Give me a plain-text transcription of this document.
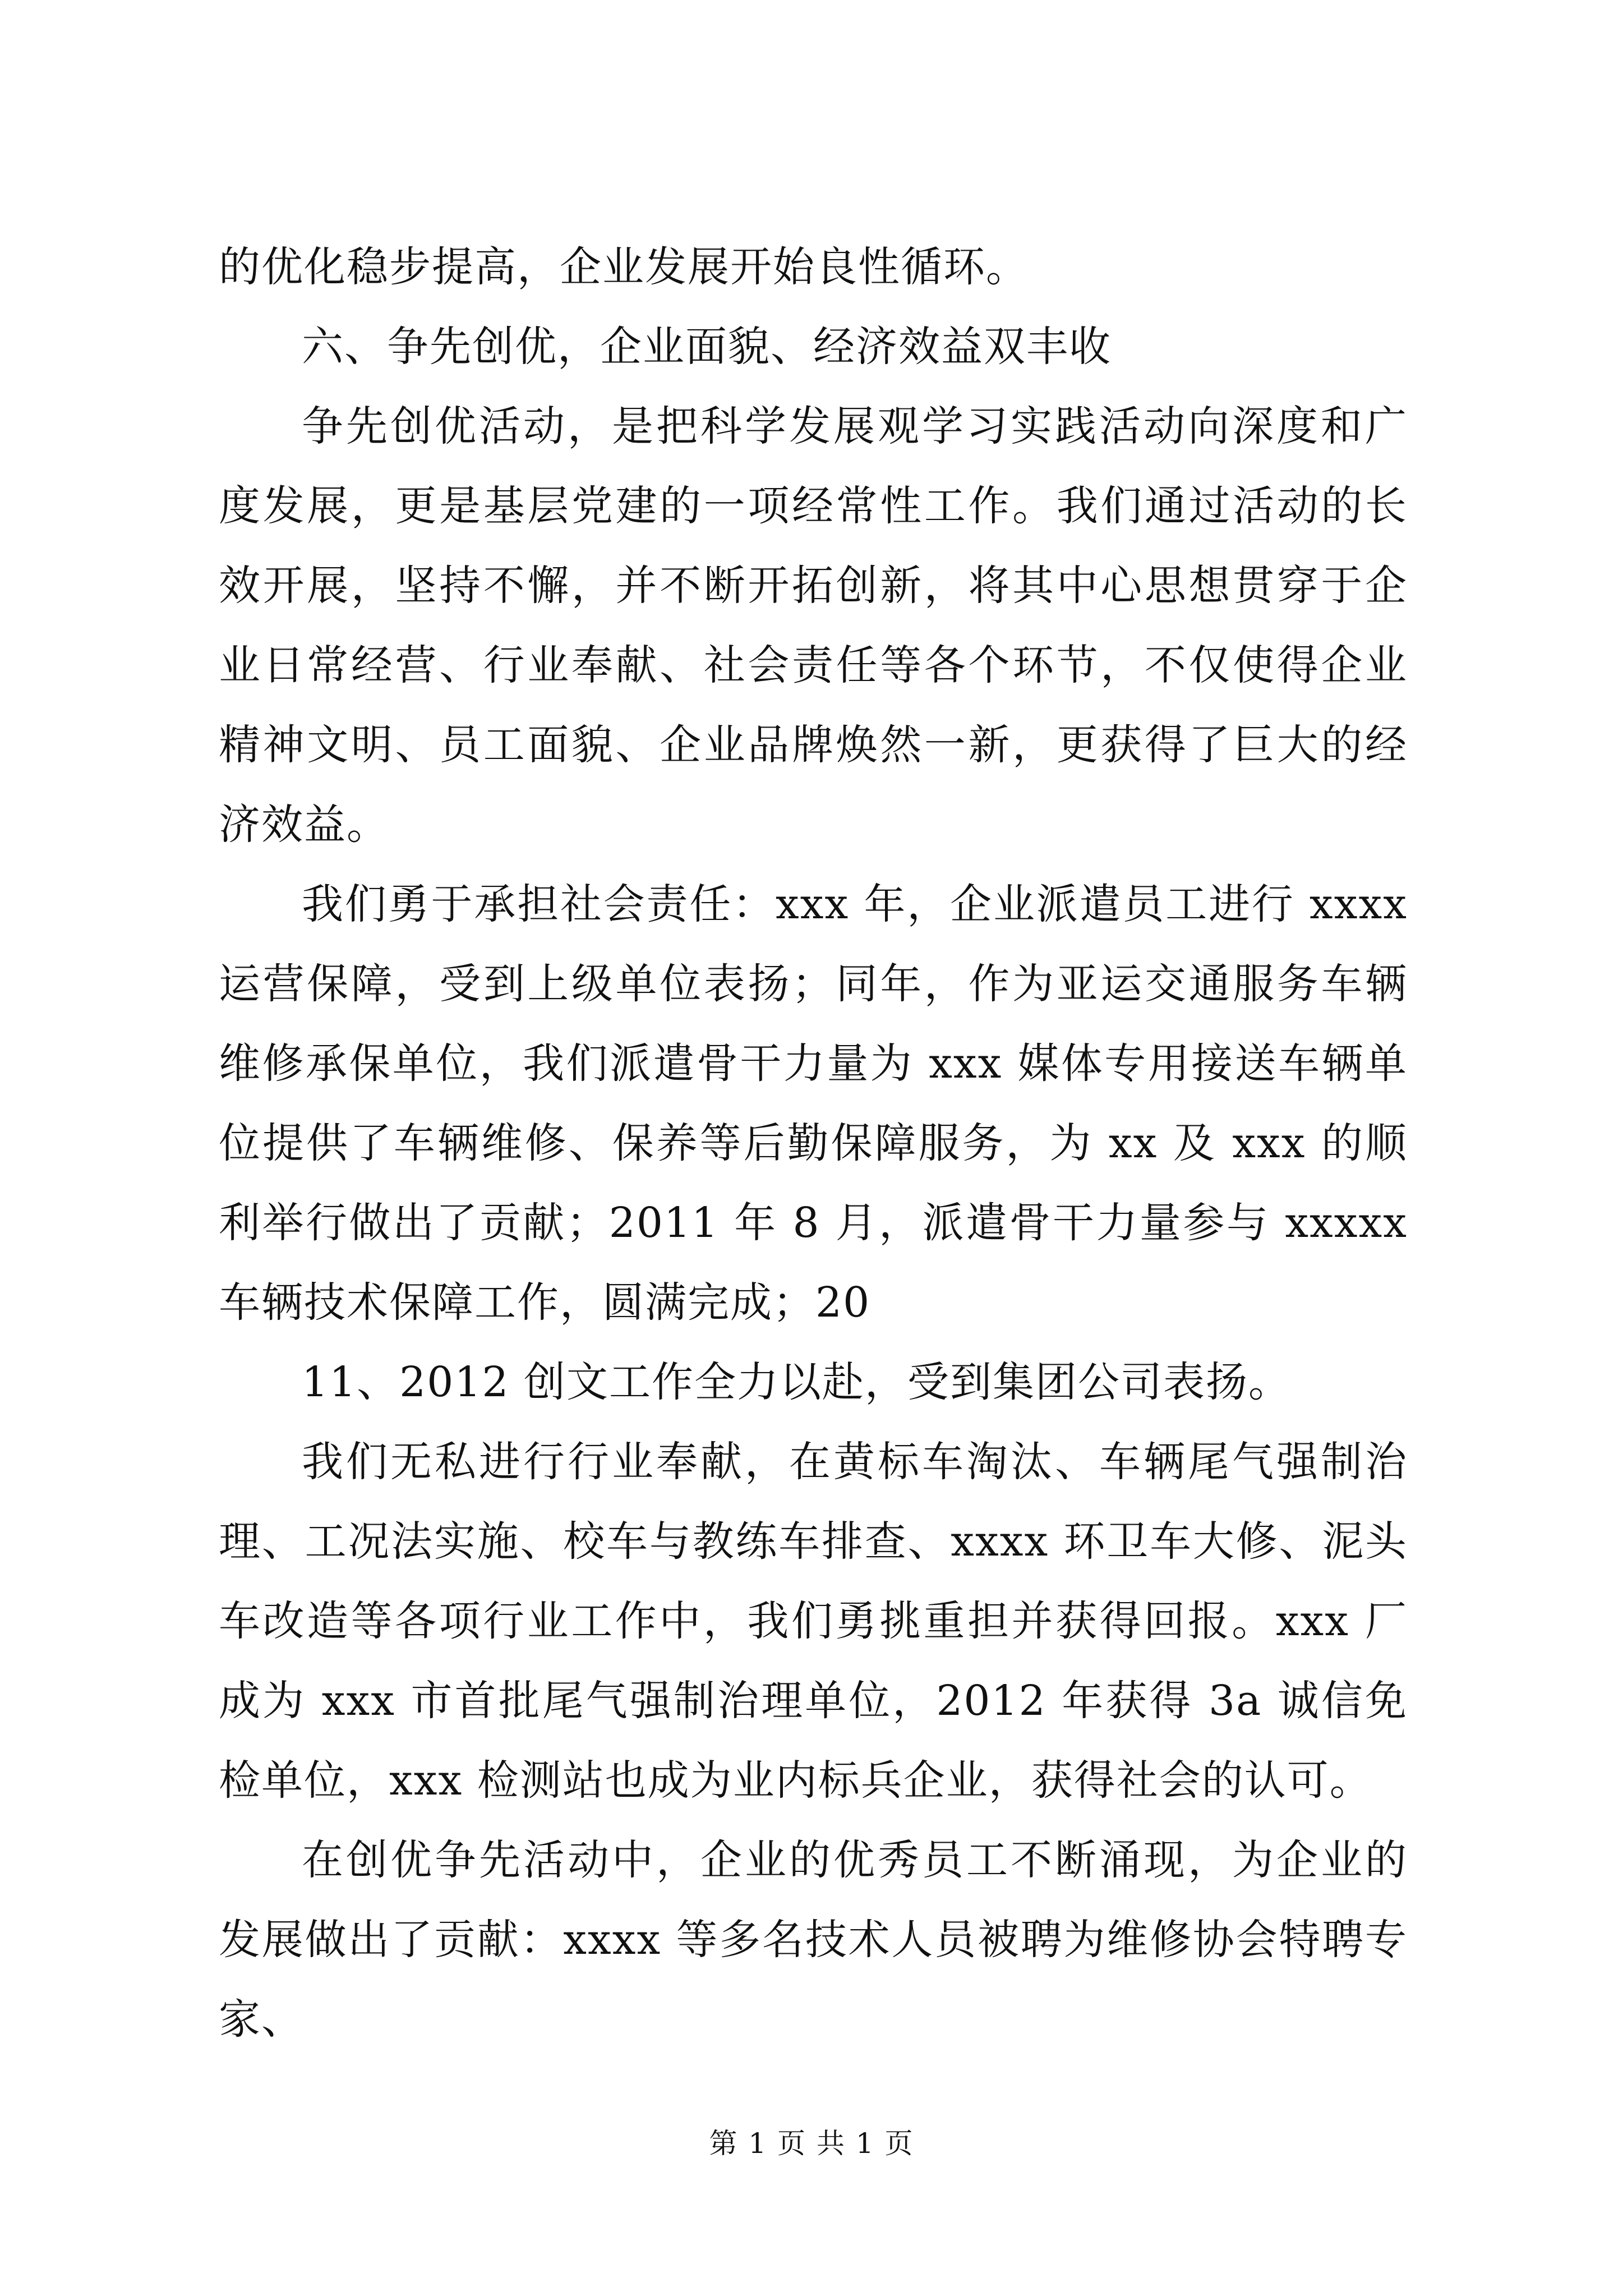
的优化稳步提高，企业发展开始良性循环。

六、争先创优，企业面貌、经济效益双丰收

争先创优活动，是把科学发展观学习实践活动向深度和广度发展，更是基层党建的一项经常性工作。我们通过活动的长效开展，坚持不懈，并不断开拓创新，将其中心思想贯穿于企业日常经营、行业奉献、社会责任等各个环节，不仅使得企业精神文明、员工面貌、企业品牌焕然一新，更获得了巨大的经济效益。

我们勇于承担社会责任：xxx 年，企业派遣员工进行 xxxx 运营保障，受到上级单位表扬；同年，作为亚运交通服务车辆维修承保单位，我们派遣骨干力量为 xxx 媒体专用接送车辆单位提供了车辆维修、保养等后勤保障服务，为 xx 及 xxx 的顺利举行做出了贡献；2011 年 8 月，派遣骨干力量参与 xxxxx 车辆技术保障工作，圆满完成；20

11、2012 创文工作全力以赴，受到集团公司表扬。

我们无私进行行业奉献，在黄标车淘汰、车辆尾气强制治理、工况法实施、校车与教练车排查、xxxx 环卫车大修、泥头车改造等各项行业工作中，我们勇挑重担并获得回报。xxx 厂成为 xxx 市首批尾气强制治理单位，2012 年获得 3a 诚信免检单位，xxx 检测站也成为业内标兵企业，获得社会的认可。

在创优争先活动中，企业的优秀员工不断涌现，为企业的发展做出了贡献：xxxx 等多名技术人员被聘为维修协会特聘专家、

第 1 页 共 1 页
